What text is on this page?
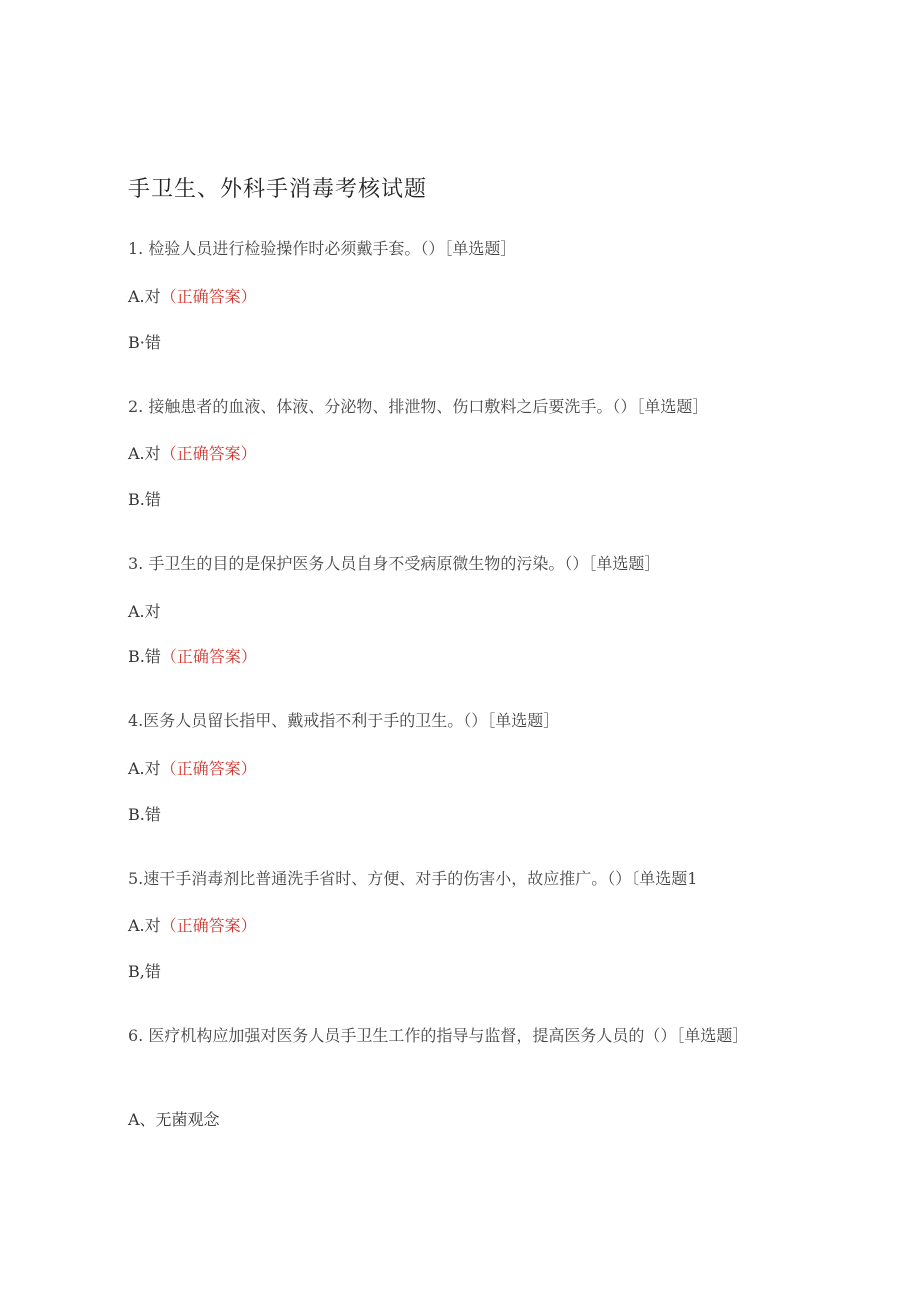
手卫生、外科手消毒考核试题
1. 检验人员进行检验操作时必须戴手套。（）［单选题］
A.对（正确答案）
B·错
2. 接触患者的血液、体液、分泌物、排泄物、伤口敷料之后要洗手。（）［单选题］
A.对（正确答案）
B.错
3. 手卫生的目的是保护医务人员自身不受病原微生物的污染。（）［单选题］
A.对
B.错（正确答案）
4.医务人员留长指甲、戴戒指不利于手的卫生。（）［单选题］
A.对（正确答案）
B.错
5.速干手消毒剂比普通洗手省时、方便、对手的伤害小，故应推广。（）〔单选题1
A.对（正确答案）
B,错
6. 医疗机构应加强对医务人员手卫生工作的指导与监督，提高医务人员的（）［单选题］
A、无菌观念
